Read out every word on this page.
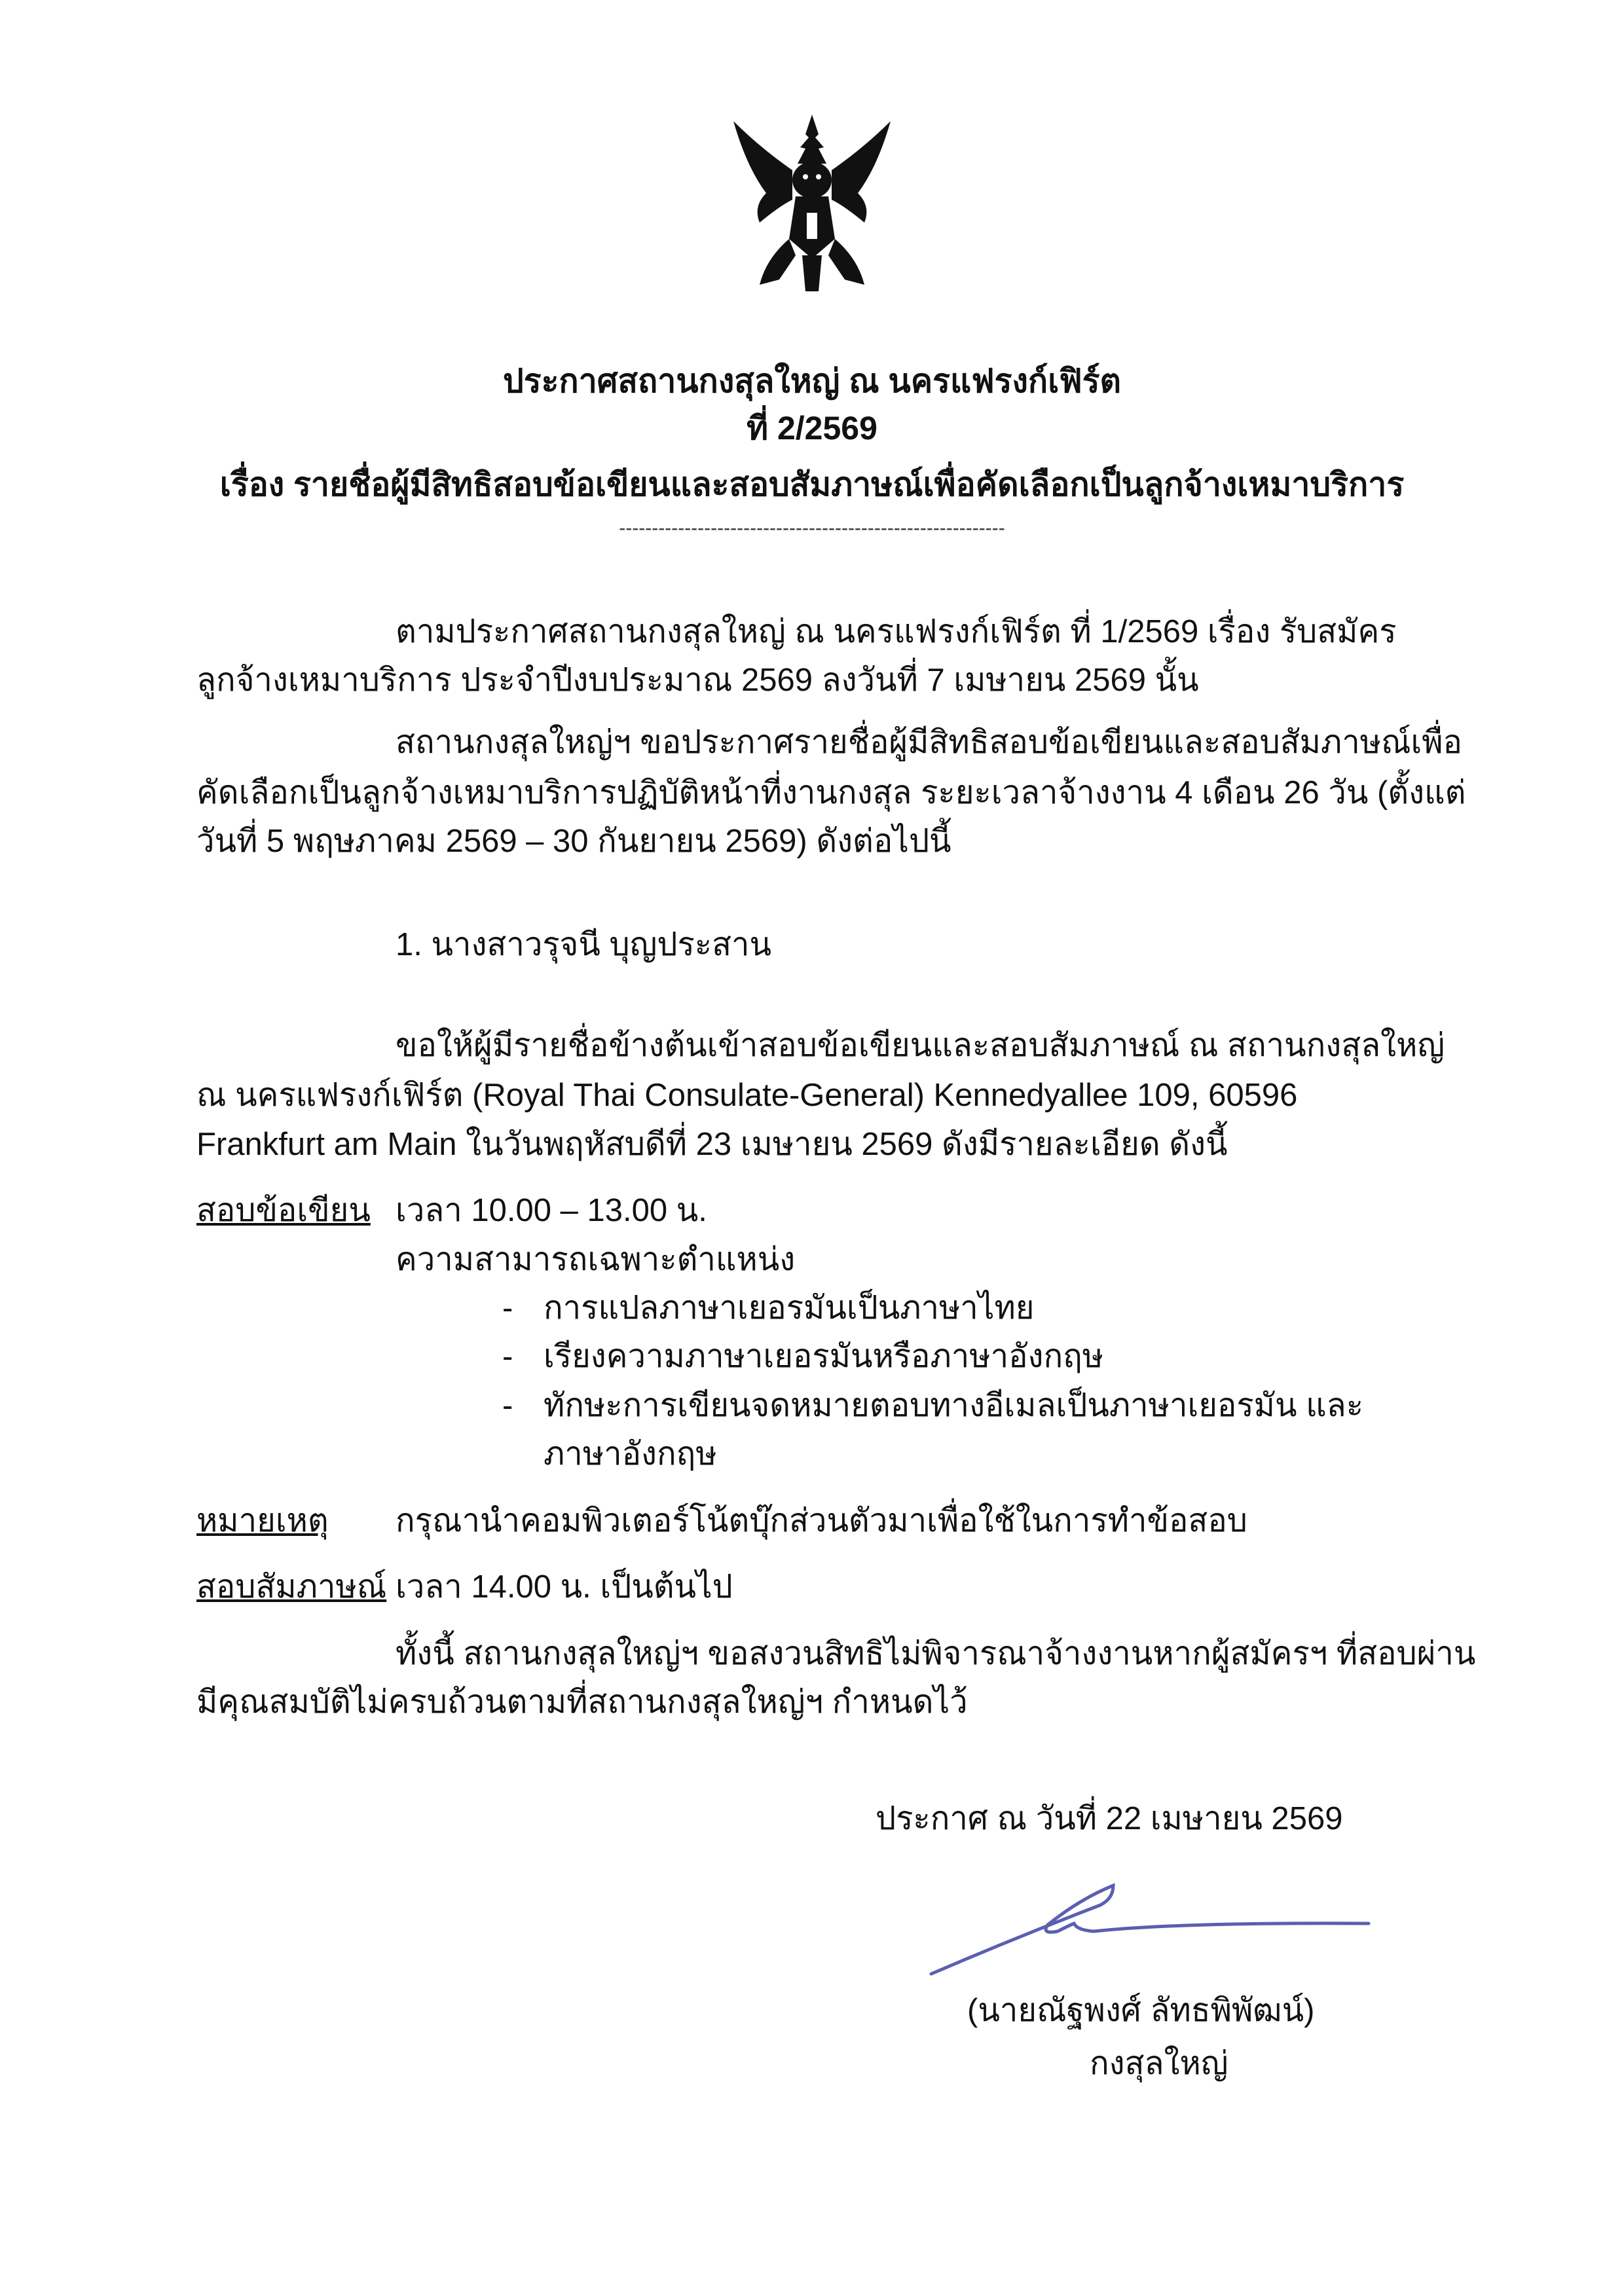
ประกาศสถานกงสุลใหญ่ ณ นครแฟรงก์เฟิร์ต
ที่ 2/2569
เรื่อง รายชื่อผู้มีสิทธิสอบข้อเขียนและสอบสัมภาษณ์เพื่อคัดเลือกเป็นลูกจ้างเหมาบริการ
-----------------------------------------------------------
ตามประกาศสถานกงสุลใหญ่ ณ นครแฟรงก์เฟิร์ต ที่ 1/2569 เรื่อง รับสมัคร
ลูกจ้างเหมาบริการ ประจำปีงบประมาณ 2569 ลงวันที่ 7 เมษายน 2569 นั้น
สถานกงสุลใหญ่ฯ ขอประกาศรายชื่อผู้มีสิทธิสอบข้อเขียนและสอบสัมภาษณ์เพื่อ
คัดเลือกเป็นลูกจ้างเหมาบริการปฏิบัติหน้าที่งานกงสุล ระยะเวลาจ้างงาน 4 เดือน 26 วัน (ตั้งแต่
วันที่ 5 พฤษภาคม 2569 – 30 กันยายน 2569) ดังต่อไปนี้
1. นางสาวรุจนี บุญประสาน
ขอให้ผู้มีรายชื่อข้างต้นเข้าสอบข้อเขียนและสอบสัมภาษณ์ ณ สถานกงสุลใหญ่
ณ นครแฟรงก์เฟิร์ต (Royal Thai Consulate-General) Kennedyallee 109, 60596
Frankfurt am Main ในวันพฤหัสบดีที่ 23 เมษายน 2569 ดังมีรายละเอียด ดังนี้
สอบข้อเขียน เวลา 10.00 – 13.00 น.
ความสามารถเฉพาะตำแหน่ง
- การแปลภาษาเยอรมันเป็นภาษาไทย
- เรียงความภาษาเยอรมันหรือภาษาอังกฤษ
- ทักษะการเขียนจดหมายตอบทางอีเมลเป็นภาษาเยอรมัน และ
ภาษาอังกฤษ
หมายเหตุ กรุณานำคอมพิวเตอร์โน้ตบุ๊กส่วนตัวมาเพื่อใช้ในการทำข้อสอบ
สอบสัมภาษณ์ เวลา 14.00 น. เป็นต้นไป
ทั้งนี้ สถานกงสุลใหญ่ฯ ขอสงวนสิทธิไม่พิจารณาจ้างงานหากผู้สมัครฯ ที่สอบผ่าน
มีคุณสมบัติไม่ครบถ้วนตามที่สถานกงสุลใหญ่ฯ กำหนดไว้
ประกาศ ณ วันที่ 22 เมษายน 2569
(นายณัฐพงศ์ ลัทธพิพัฒน์)
กงสุลใหญ่
